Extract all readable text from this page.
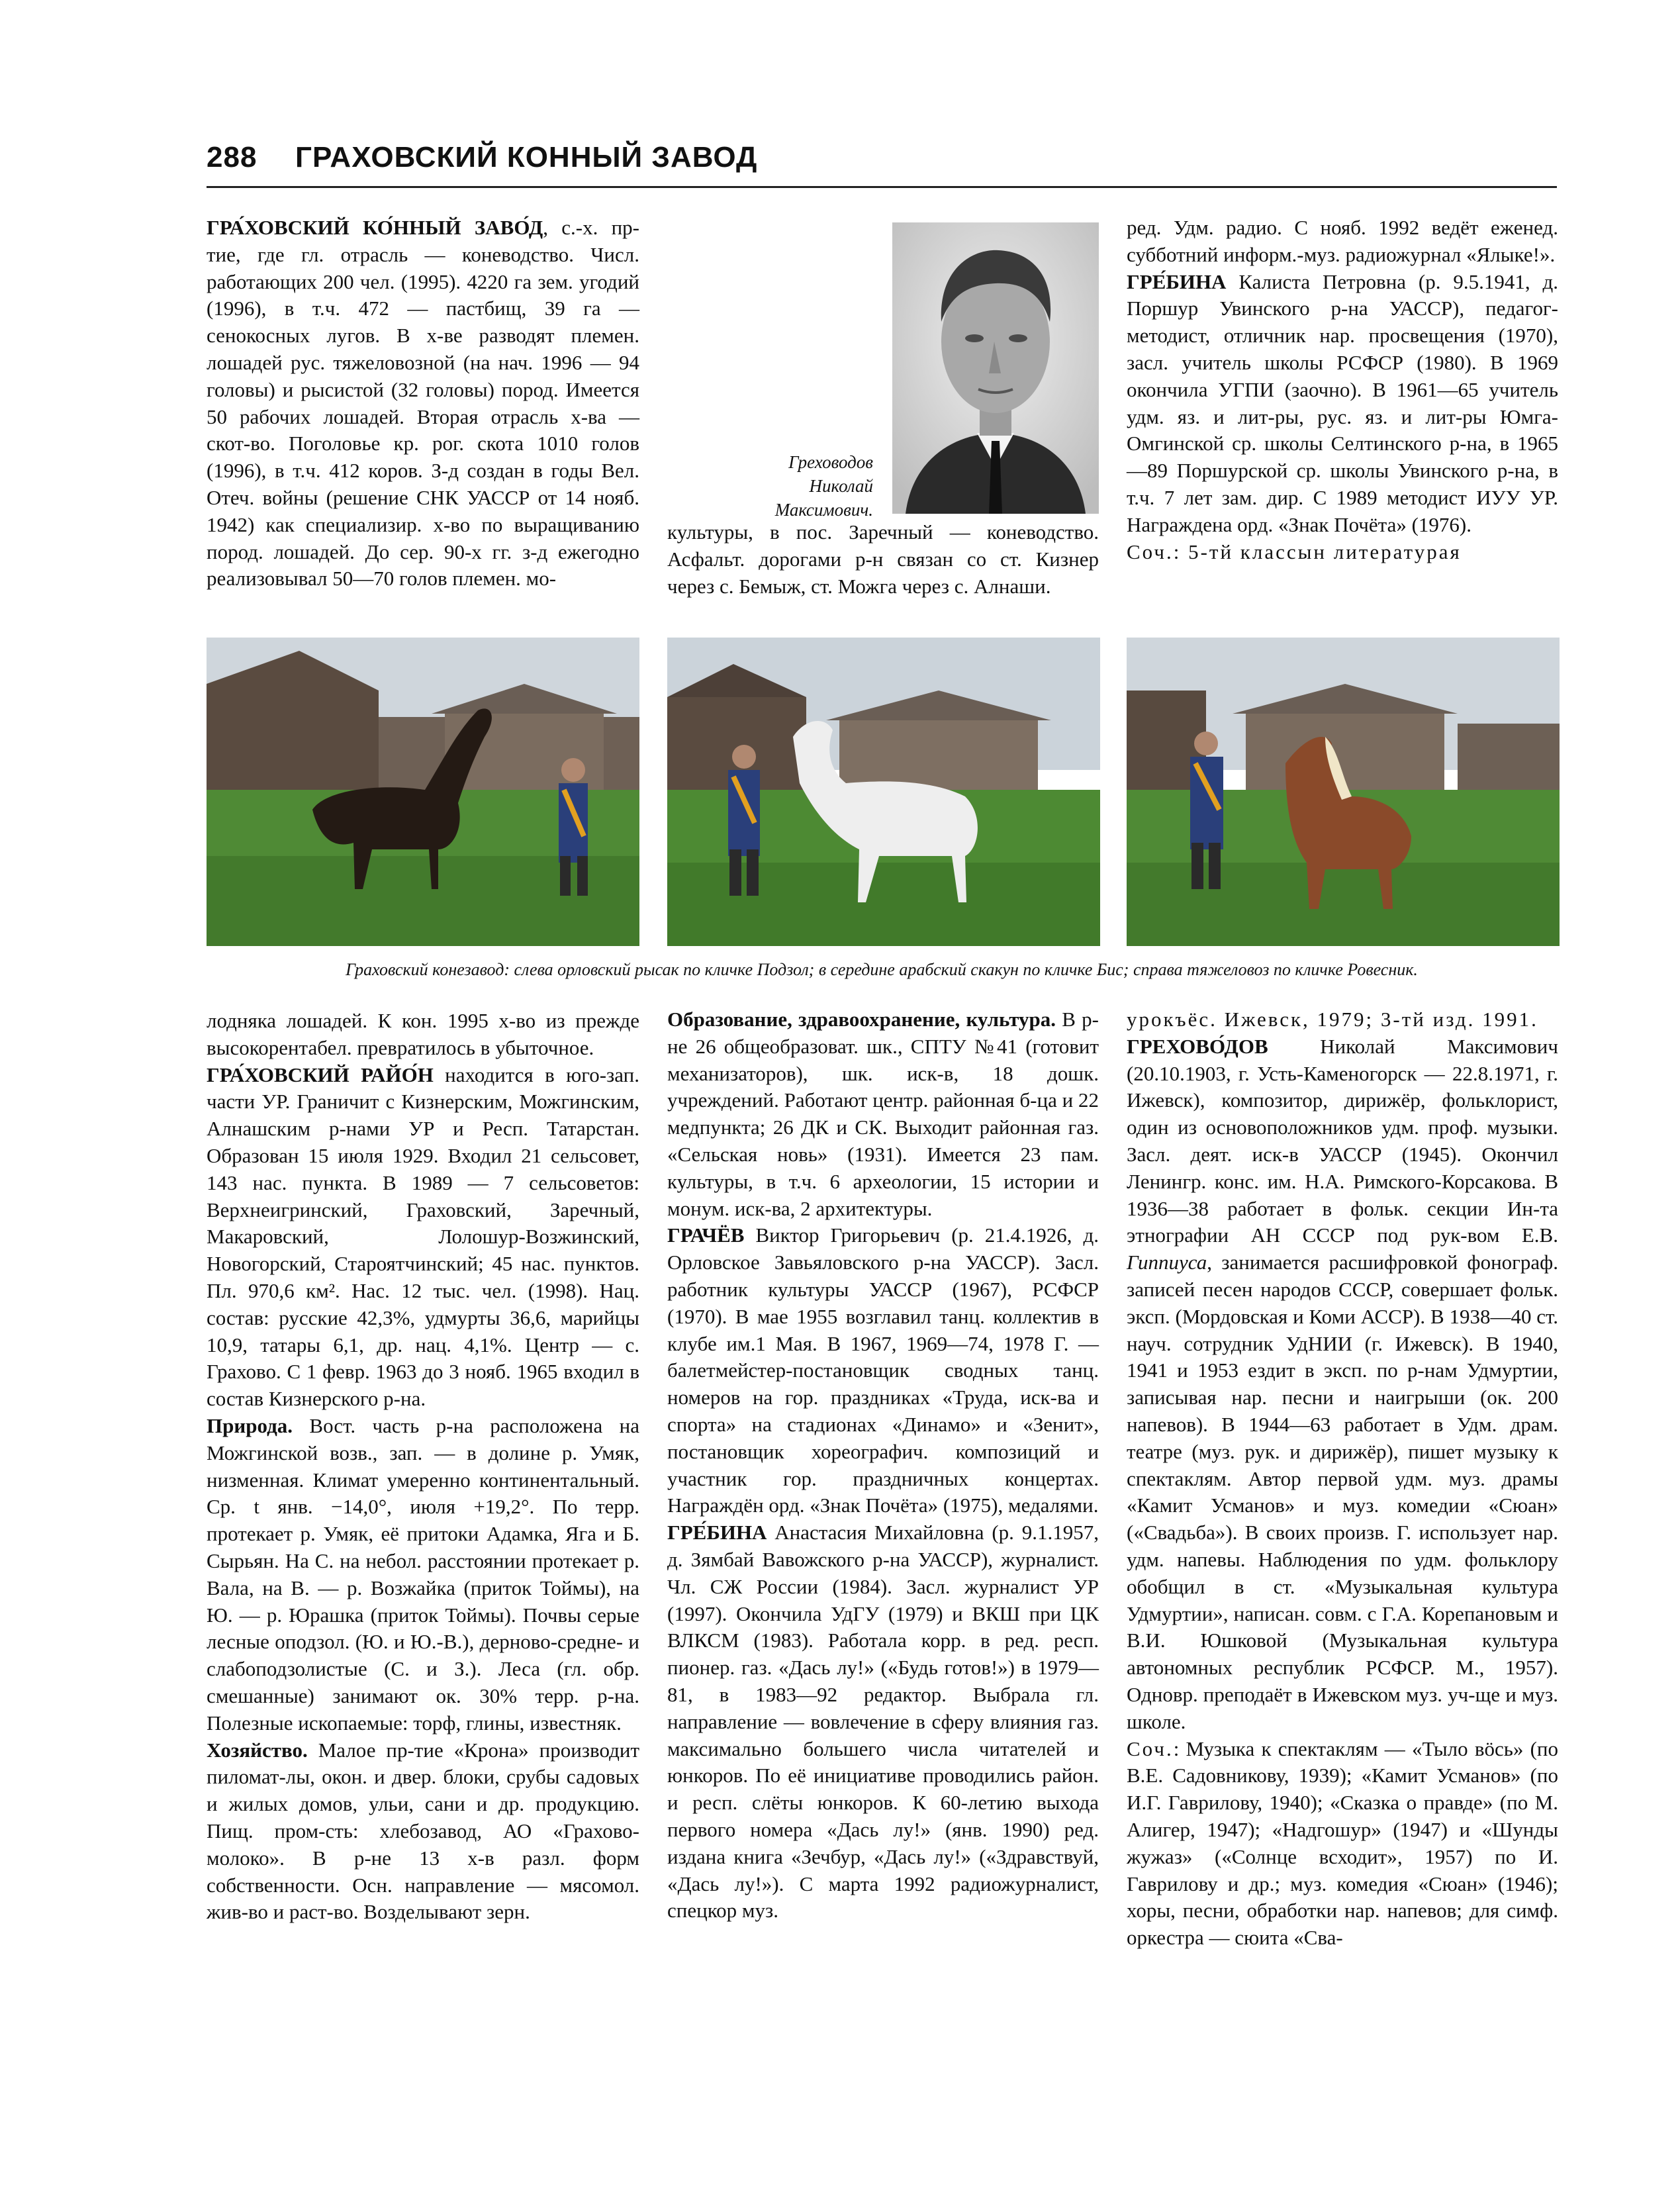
288 ГРАХОВСКИЙ КОННЫЙ ЗАВОД

ГРА́ХОВСКИЙ КО́ННЫЙ ЗАВО́Д, с.-х. пр-тие, где гл. отрасль — коневодство. Числ. работающих 200 чел. (1995). 4220 га зем. угодий (1996), в т.ч. 472 — пастбищ, 39 га — сенокосных лугов. В х-ве разводят племен. лошадей рус. тяжеловозной (на нач. 1996 — 94 головы) и рысистой (32 головы) пород. Имеется 50 рабочих лошадей. Вторая отрасль х-ва — скот-во. Поголовье кр. рог. скота 1010 голов (1996), в т.ч. 412 коров. З-д создан в годы Вел. Отеч. войны (решение СНК УАССР от 14 нояб. 1942) как специализир. х-во по выращиванию пород. лошадей. До сер. 90-х гг. з-д ежегодно реализовывал 50—70 голов племен. мо-

Греховодов
Николай
Максимович.

культуры, в пос. Заречный — коневодство. Асфальт. дорогами р-н связан со ст. Кизнер через с. Бемыж, ст. Можга через с. Алнаши.

ред. Удм. радио. С нояб. 1992 ведёт еженед. субботний информ.-муз. радиожурнал «Ялыке!».

ГРЕ́БИНА Калиста Петровна (р. 9.5.1941, д. Поршур Увинского р-на УАССР), педагог-методист, отличник нар. просвещения (1970), засл. учитель школы РСФСР (1980). В 1969 окончила УГПИ (заочно). В 1961—65 учитель удм. яз. и лит-ры, рус. яз. и лит-ры Юмга-Омгинской ср. школы Селтинского р-на, в 1965—89 Поршурской ср. школы Увинского р-на, в т.ч. 7 лет зам. дир. С 1989 методист ИУУ УР. Награждена орд. «Знак Почёта» (1976).

Соч.: 5-тй классын литературая

Граховский конезавод: слева орловский рысак по кличке Подзол; в середине арабский скакун по кличке Бис; справа тяжеловоз по кличке Ровесник.

лодняка лошадей. К кон. 1995 х-во из прежде высокорентабел. превратилось в убыточное.

ГРА́ХОВСКИЙ РАЙО́Н находится в юго-зап. части УР. Граничит с Кизнерским, Можгинским, Алнашским р-нами УР и Респ. Татарстан. Образован 15 июля 1929. Входил 21 сельсовет, 143 нас. пункта. В 1989 — 7 сельсоветов: Верхнеигринский, Граховский, Заречный, Макаровский, Лолошур-Возжинский, Новогорский, Староятчинский; 45 нас. пунктов. Пл. 970,6 км². Нас. 12 тыс. чел. (1998). Нац. состав: русские 42,3%, удмурты 36,6, марийцы 10,9, татары 6,1, др. нац. 4,1%. Центр — с. Грахово. С 1 февр. 1963 до 3 нояб. 1965 входил в состав Кизнерского р-на.

Природа. Вост. часть р-на расположена на Можгинской возв., зап. — в долине р. Умяк, низменная. Климат умеренно континентальный. Ср. t янв. −14,0°, июля +19,2°. По терр. протекает р. Умяк, её притоки Адамка, Яга и Б. Сырьян. На С. на небол. расстоянии протекает р. Вала, на В. — р. Возжайка (приток Тоймы), на Ю. — р. Юрашка (приток Тоймы). Почвы серые лесные оподзол. (Ю. и Ю.-В.), дерново-средне- и слабоподзолистые (С. и З.). Леса (гл. обр. смешанные) занимают ок. 30% терр. р-на. Полезные ископаемые: торф, глины, известняк.

Хозяйство. Малое пр-тие «Крона» производит пиломат-лы, окон. и двер. блоки, срубы садовых и жилых домов, ульи, сани и др. продукцию. Пищ. пром-сть: хлебозавод, АО «Грахово-молоко». В р-не 13 х-в разл. форм собственности. Осн. направление — мясомол. жив-во и раст-во. Возделывают зерн.

Образование, здравоохранение, культура. В р-не 26 общеобразоват. шк., СПТУ №41 (готовит механизаторов), шк. иск-в, 18 дошк. учреждений. Работают центр. районная б-ца и 22 медпункта; 26 ДК и СК. Выходит районная газ. «Сельская новь» (1931). Имеется 23 пам. культуры, в т.ч. 6 археологии, 15 истории и монум. иск-ва, 2 архитектуры.

ГРАЧЁВ Виктор Григорьевич (р. 21.4.1926, д. Орловское Завьяловского р-на УАССР). Засл. работник культуры УАССР (1967), РСФСР (1970). В мае 1955 возглавил танц. коллектив в клубе им.1 Мая. В 1967, 1969—74, 1978 Г. — балетмейстер-постановщик сводных танц. номеров на гор. праздниках «Труда, иск-ва и спорта» на стадионах «Динамо» и «Зенит», постановщик хореографич. композиций и участник гор. праздничных концертах. Награждён орд. «Знак Почёта» (1975), медалями.

ГРЕ́БИНА Анастасия Михайловна (р. 9.1.1957, д. Зямбай Вавожского р-на УАССР), журналист. Чл. СЖ России (1984). Засл. журналист УР (1997). Окончила УдГУ (1979) и ВКШ при ЦК ВЛКСМ (1983). Работала корр. в ред. респ. пионер. газ. «Дась лу!» («Будь готов!») в 1979—81, в 1983—92 редактор. Выбрала гл. направление — вовлечение в сферу влияния газ. максимально большего числа читателей и юнкоров. По её инициативе проводились район. и респ. слёты юнкоров. К 60-летию выхода первого номера «Дась лу!» (янв. 1990) ред. издана книга «Зечбур, «Дась лу!» («Здравствуй, «Дась лу!»). С марта 1992 радиожурналист, спецкор муз.

урокъёс. Ижевск, 1979; 3-тй изд. 1991.

ГРЕХОВО́ДОВ Николай Максимович (20.10.1903, г. Усть-Каменогорск — 22.8.1971, г. Ижевск), композитор, дирижёр, фольклорист, один из основоположников удм. проф. музыки. Засл. деят. иск-в УАССР (1945). Окончил Ленингр. конс. им. Н.А. Римского-Корсакова. В 1936—38 работает в фольк. секции Ин-та этнографии АН СССР под рук-вом Е.В. Гиппиуса, занимается расшифровкой фонограф. записей песен народов СССР, совершает фольк. эксп. (Мордовская и Коми АССР). В 1938—40 ст. науч. сотрудник УдНИИ (г. Ижевск). В 1940, 1941 и 1953 ездит в эксп. по р-нам Удмуртии, записывая нар. песни и наигрыши (ок. 200 напевов). В 1944—63 работает в Удм. драм. театре (муз. рук. и дирижёр), пишет музыку к спектаклям. Автор первой удм. муз. драмы «Камит Усманов» и муз. комедии «Сюан» («Свадьба»). В своих произв. Г. использует нар. удм. напевы. Наблюдения по удм. фольклору обобщил в ст. «Музыкальная культура Удмуртии», написан. совм. с Г.А. Корепановым и В.И. Юшковой (Музыкальная культура автономных республик РСФСР. М., 1957). Одновр. преподаёт в Ижевском муз. уч-ще и муз. школе.

Соч.: Музыка к спектаклям — «Тыло вöсь» (по В.Е. Садовникову, 1939); «Камит Усманов» (по И.Г. Гаврилову, 1940); «Сказка о правде» (по М. Алигер, 1947); «Надгошур» (1947) и «Шунды жужаз» («Солнце всходит», 1957) по И. Гаврилову и др.; муз. комедия «Сюан» (1946); хоры, песни, обработки нар. напевов; для симф. оркестра — сюита «Сва-
